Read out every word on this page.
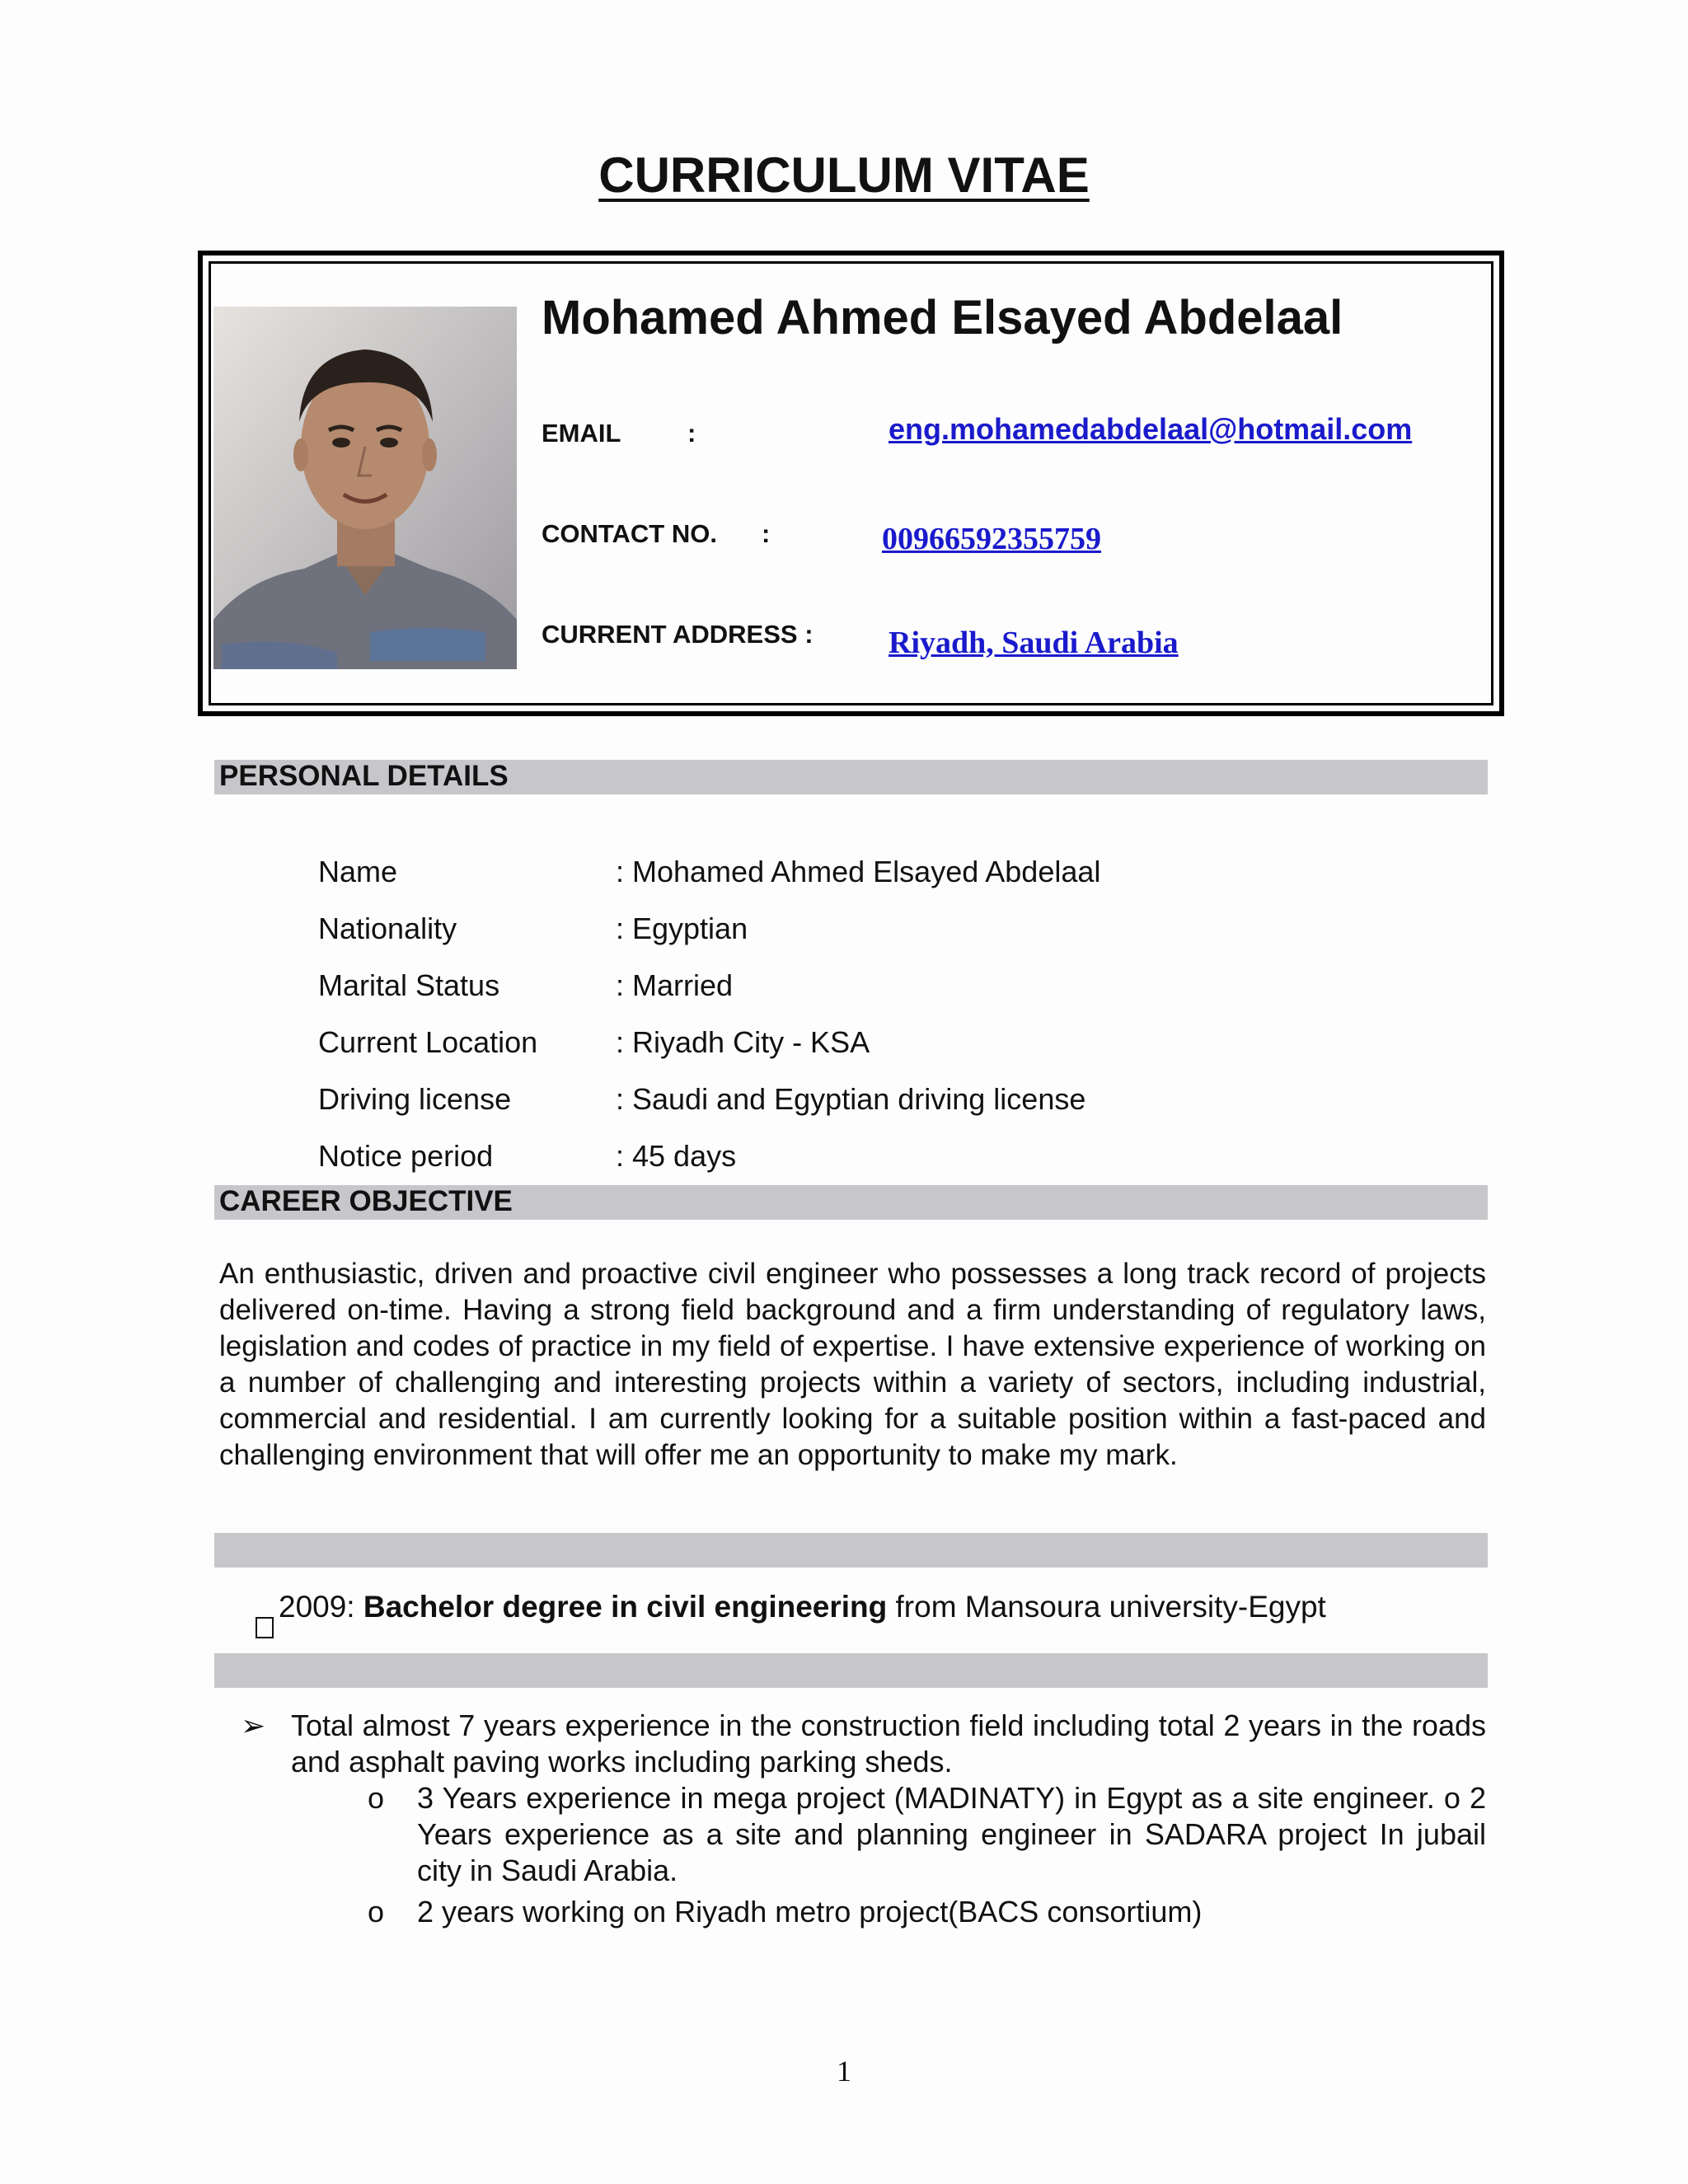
CURRICULUM VITAE
Mohamed Ahmed Elsayed Abdelaal
EMAIL	:	eng.mohamedabdelaal@hotmail.com
CONTACT NO. :	00966592355759
CURRENT ADDRESS : Riyadh, Saudi Arabia
PERSONAL DETAILS
Name	: Mohamed Ahmed Elsayed Abdelaal
Nationality	: Egyptian
Marital Status	: Married
Current Location	: Riyadh City - KSA
Driving license	: Saudi and Egyptian driving license
Notice period	: 45 days
CAREER OBJECTIVE
An enthusiastic, driven and proactive civil engineer who possesses a long track record of projects delivered on-time. Having a strong field background and a firm understanding of regulatory laws, legislation and codes of practice in my field of expertise. I have extensive experience of working on a number of challenging and interesting projects within a variety of sectors, including industrial, commercial and residential. I am currently looking for a suitable position within a fast-paced and challenging environment that will offer me an opportunity to make my mark.
2009: Bachelor degree in civil engineering from Mansoura university-Egypt
➢ Total almost 7 years experience in the construction field including total 2 years in the roads and asphalt paving works including parking sheds.
o 3 Years experience in mega project (MADINATY) in Egypt as a site engineer. o 2 Years experience as a site and planning engineer in SADARA project In jubail city in Saudi Arabia.
o 2 years working on Riyadh metro project(BACS consortium)
1
